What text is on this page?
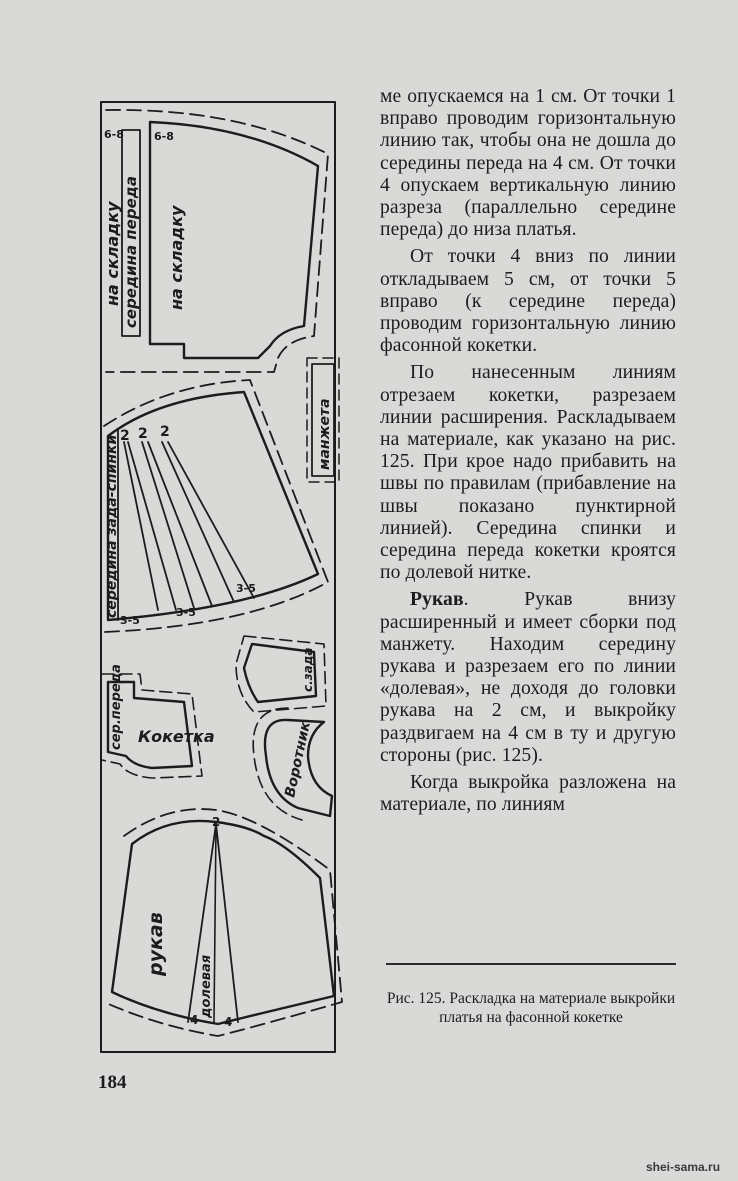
на складку середина переда на складку
6-8	6-8
манжета
середина зада-спинки 2 2 2
3-5
3-5
3-5
сер.переда Кокетка
с.зада
Воротник
рукав
долевая
2
4 4

ме опускаемся на 1 см. От точки 1 вправо проводим горизонтальную линию так, чтобы она не дошла до середины переда на 4 см. От точки 4 опускаем вертикальную линию разреза (параллельно середине переда) до низа платья.

От точки 4 вниз по линии откладываем 5 см, от точки 5 вправо (к середине переда) проводим горизонтальную линию фасонной кокетки.

По нанесенным линиям отрезаем кокетки, разрезаем линии расширения. Раскладываем на материале, как указано на рис. 125. При крое надо прибавить на швы по правилам (прибавление на швы показано пунктирной линией). Середина спинки и середина переда кокетки кроятся по долевой нитке.

Рукав. Рукав внизу расширенный и имеет сборки под манжету. Находим середину рукава и разрезаем его по линии «долевая», не доходя до головки рукава на 2 см, и выкройку раздвигаем на 4 см в ту и другую стороны (рис. 125).

Когда выкройка разложена на материале, по линиям

Рис. 125. Раскладка на материале выкройки платья на фасонной кокетке
184
shei-sama.ru
